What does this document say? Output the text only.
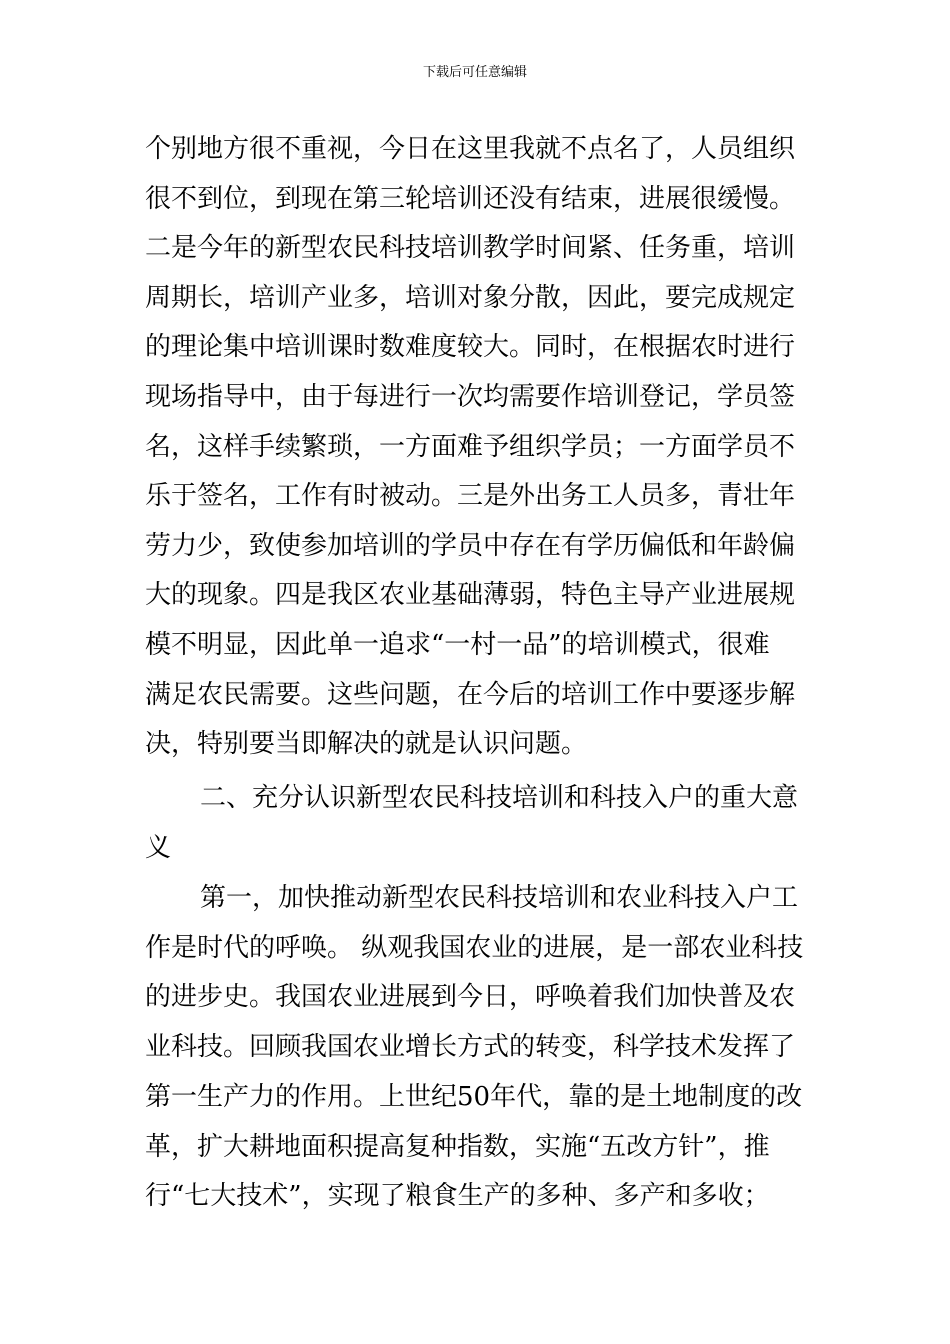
下载后可任意编辑
个别地方很不重视，今日在这里我就不点名了，人员组织
很不到位，到现在第三轮培训还没有结束，进展很缓慢。
二是今年的新型农民科技培训教学时间紧、任务重，培训
周期长，培训产业多，培训对象分散，因此，要完成规定
的理论集中培训课时数难度较大。同时，在根据农时进行
现场指导中，由于每进行一次均需要作培训登记，学员签
名，这样手续繁琐，一方面难予组织学员；一方面学员不
乐于签名，工作有时被动。三是外出务工人员多，青壮年
劳力少，致使参加培训的学员中存在有学历偏低和年龄偏
大的现象。四是我区农业基础薄弱，特色主导产业进展规
模不明显，因此单一追求“一村一品”的培训模式，很难
满足农民需要。这些问题，在今后的培训工作中要逐步解
决，特别要当即解决的就是认识问题。
二、充分认识新型农民科技培训和科技入户的重大意
义
第一，加快推动新型农民科技培训和农业科技入户工
作是时代的呼唤。 纵观我国农业的进展，是一部农业科技
的进步史。我国农业进展到今日，呼唤着我们加快普及农
业科技。回顾我国农业增长方式的转变，科学技术发挥了
第一生产力的作用。上世纪50年代，靠的是土地制度的改
革，扩大耕地面积提高复种指数，实施“五改方针”，推
行“七大技术”，实现了粮食生产的多种、多产和多收；
